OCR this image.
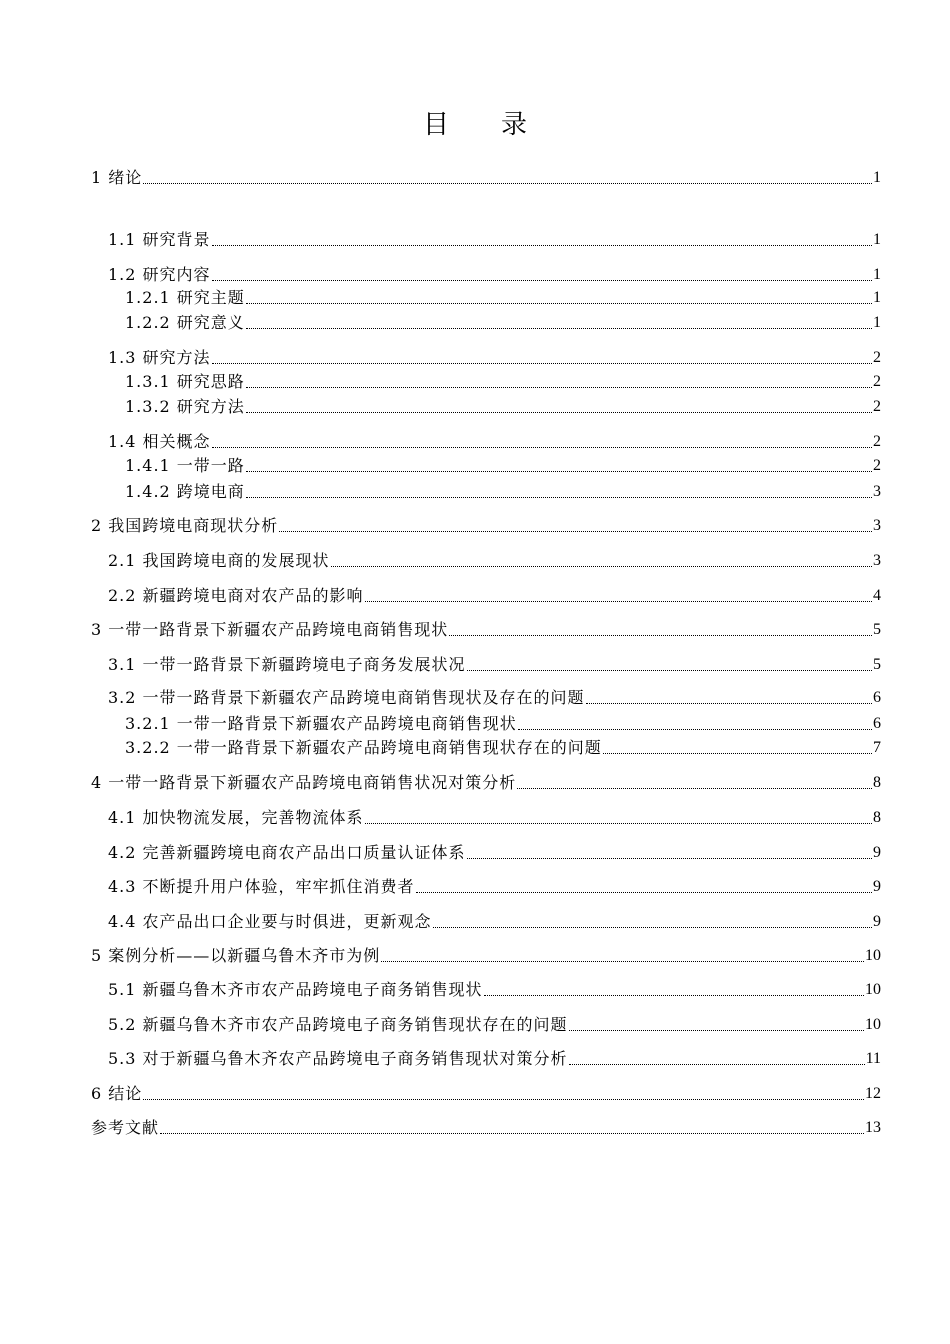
目 录
1 绪论	1
1.1 研究背景	1
1.2 研究内容	1
1.2.1 研究主题	1
1.2.2 研究意义	1
1.3 研究方法	2
1.3.1 研究思路	2
1.3.2 研究方法	2
1.4 相关概念	2
1.4.1 一带一路	2
1.4.2 跨境电商	3
2 我国跨境电商现状分析	3
2.1 我国跨境电商的发展现状	3
2.2 新疆跨境电商对农产品的影响	4
3 一带一路背景下新疆农产品跨境电商销售现状	5
3.1 一带一路背景下新疆跨境电子商务发展状况	5
3.2 一带一路背景下新疆农产品跨境电商销售现状及存在的问题	6
3.2.1 一带一路背景下新疆农产品跨境电商销售现状	6
3.2.2 一带一路背景下新疆农产品跨境电商销售现状存在的问题	7
4 一带一路背景下新疆农产品跨境电商销售状况对策分析	8
4.1 加快物流发展，完善物流体系	8
4.2 完善新疆跨境电商农产品出口质量认证体系	9
4.3 不断提升用户体验，牢牢抓住消费者	9
4.4 农产品出口企业要与时俱进，更新观念	9
5 案例分析——以新疆乌鲁木齐市为例	10
5.1 新疆乌鲁木齐市农产品跨境电子商务销售现状	10
5.2 新疆乌鲁木齐市农产品跨境电子商务销售现状存在的问题	10
5.3 对于新疆乌鲁木齐农产品跨境电子商务销售现状对策分析	11
6 结论	12
参考文献	13
